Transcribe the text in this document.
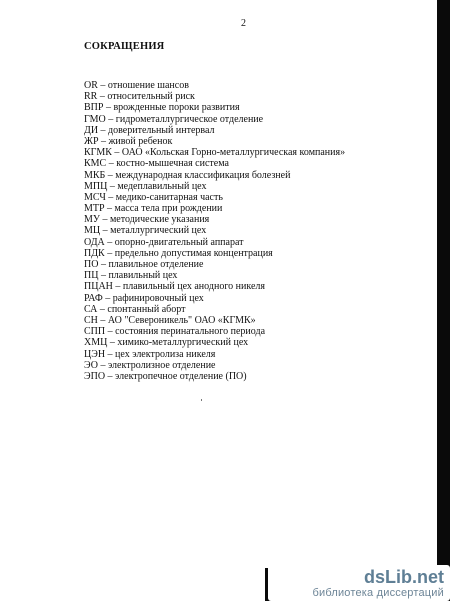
2
СОКРАЩЕНИЯ
OR – отношение шансов
RR – относительный риск
ВПР – врожденные пороки развития
ГМО – гидрометаллургическое отделение
ДИ – доверительный интервал
ЖР – живой ребенок
КГМК – ОАО «Кольская Горно-металлургическая компания»
КМС – костно-мышечная система
МКБ – международная классификация болезней
МПЦ – медеплавильный цех
МСЧ – медико-санитарная часть
МТР – масса тела при рождении
МУ – методические указания
МЦ – металлургический цех
ОДА – опорно-двигательный аппарат
ПДК – предельно допустимая концентрация
ПО – плавильное отделение
ПЦ – плавильный цех
ПЦАН – плавильный цех анодного никеля
РАФ – рафинировочный цех
СА – спонтанный аборт
СН – АО "Североникель" ОАО «КГМК»
СПП – состояния перинатального периода
ХМЦ – химико-металлургический цех
ЦЭН – цех электролиза никеля
ЭО – электролизное отделение
ЭПО – электропечное отделение (ПО)
dsLib.net
библиотека диссертаций
